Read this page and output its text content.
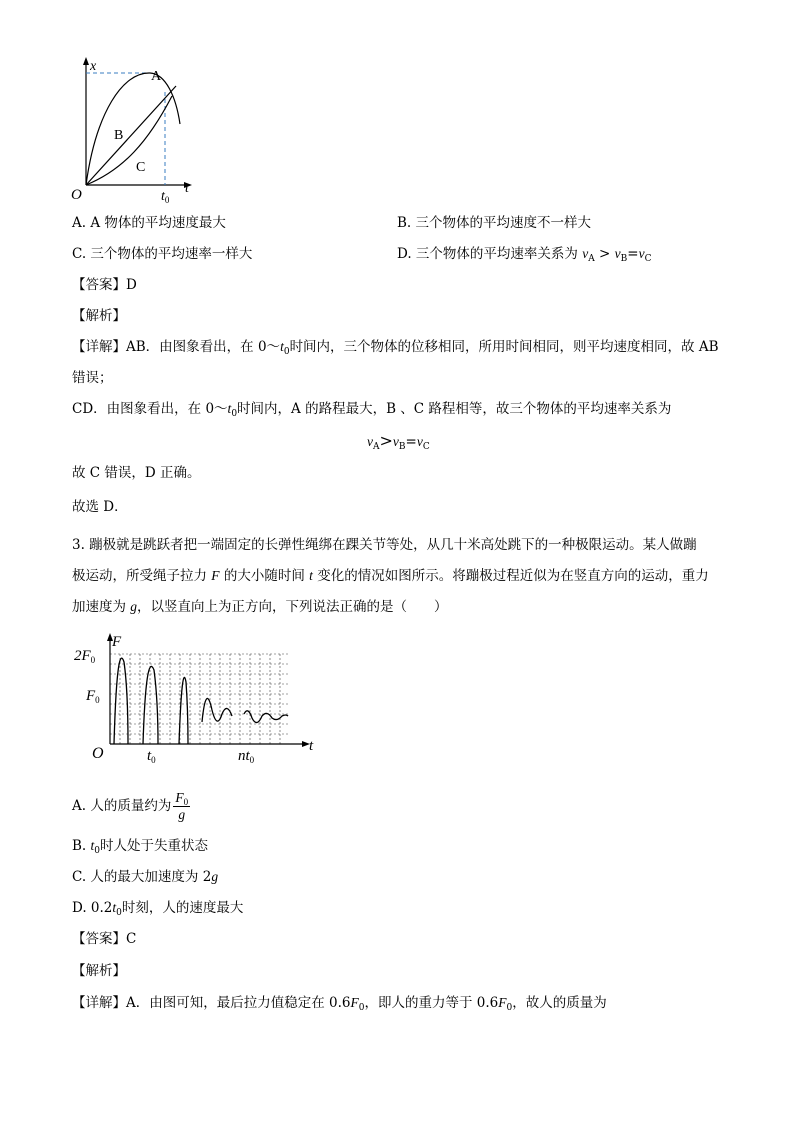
x
t
O	$t_0$
A
B
C
A. A 物体的平均速度最大	B. 三个物体的平均速度不一样大
C. 三个物体的平均速率一样大	D. 三个物体的平均速率关系为 $v_A > v_B=v_C$
【答案】D
【解析】
【详解】AB．由图象看出，在 $0\sim t_0$时间内，三个物体的位移相同，所用时间相同，则平均速度相同，故 AB
错误；
CD．由图象看出，在 $0\sim t_0$时间内，A 的路程最大，B 、C 路程相等，故三个物体的平均速率关系为
$v_A>v_B=v_C$
故 C 错误，D 正确。
故选 D．
3. 蹦极就是跳跃者把一端固定的长弹性绳绑在踝关节等处，从几十米高处跳下的一种极限运动。某人做蹦
极运动，所受绳子拉力 F 的大小随时间 t 变化的情况如图所示。将蹦极过程近似为在竖直方向的运动，重力
加速度为 g，以竖直向上为正方向，下列说法正确的是（　　）
F
t
O
$2F_0$
$F_0$
$t_0$	$nt_0$
A. 人的质量约为 $\frac{F_0}{g}$
B. $t_0$时人处于失重状态
C. 人的最大加速度为 2g
D. $0.2t_0$时刻，人的速度最大
【答案】C
【解析】
【详解】A．由图可知，最后拉力值稳定在 $0.6F_0$，即人的重力等于 $0.6F_0$，故人的质量为
